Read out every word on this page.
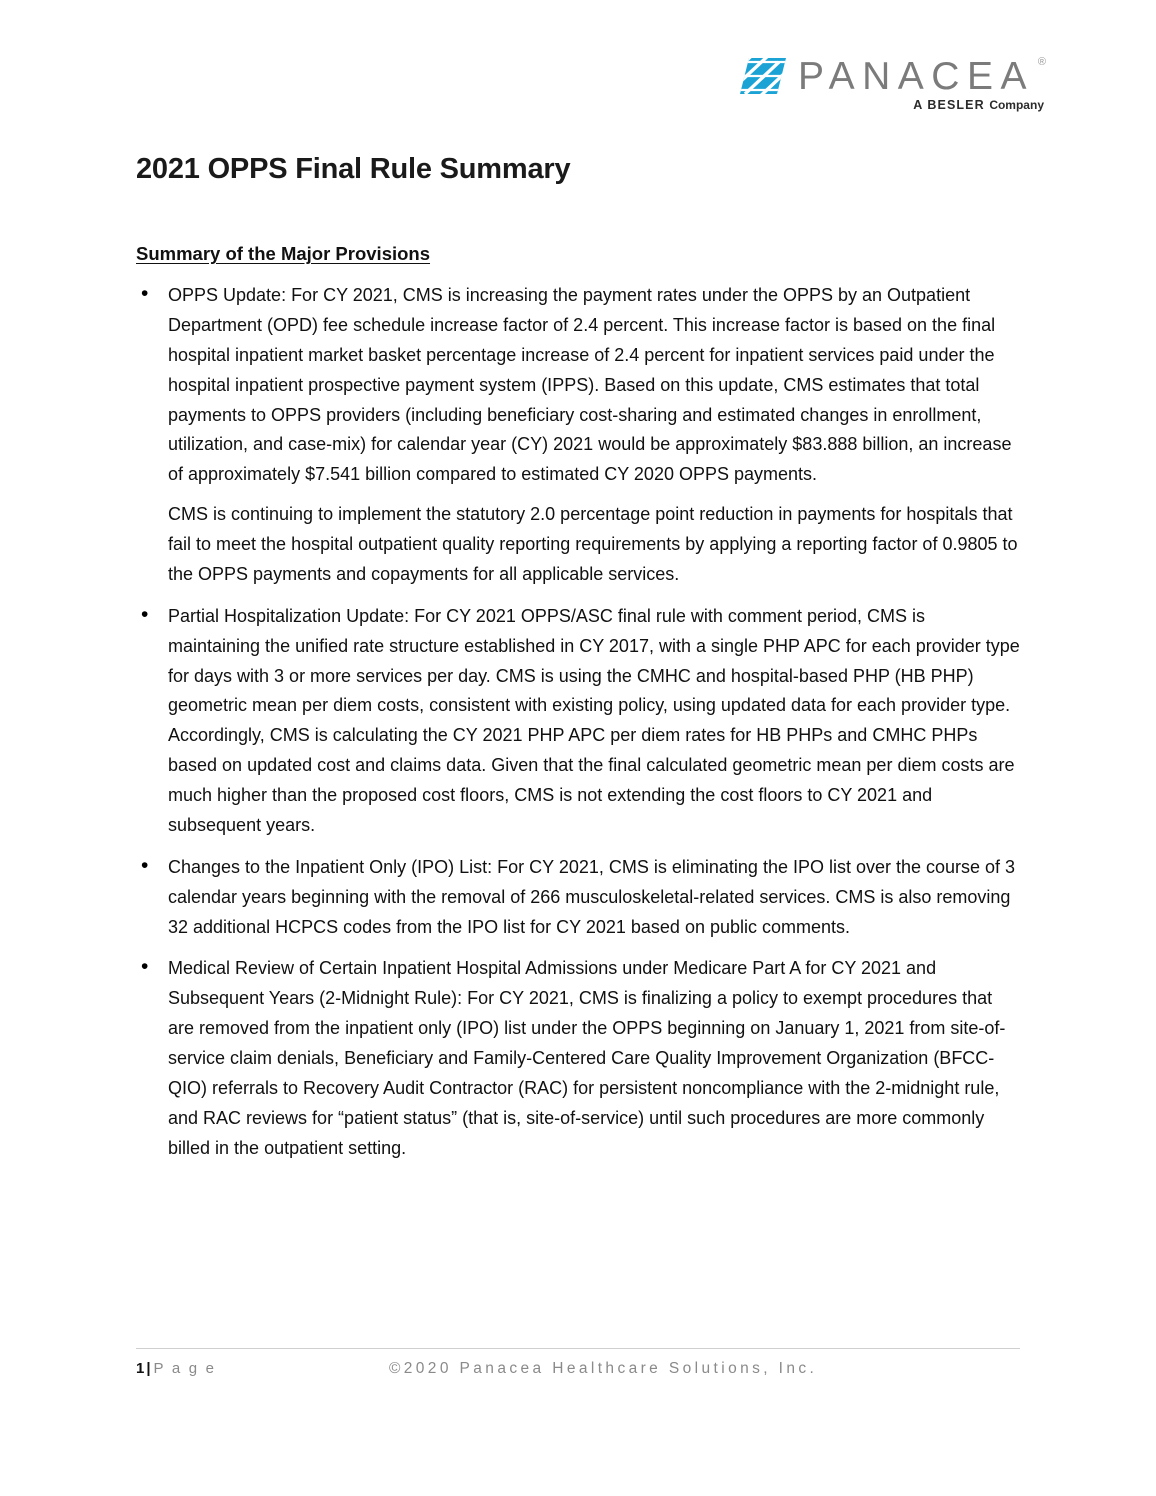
PANACEA ®
A BESLER Company
2021 OPPS Final Rule Summary
Summary of the Major Provisions

• OPPS Update: For CY 2021, CMS is increasing the payment rates under the OPPS by an Outpatient Department (OPD) fee schedule increase factor of 2.4 percent. This increase factor is based on the final hospital inpatient market basket percentage increase of 2.4 percent for inpatient services paid under the hospital inpatient prospective payment system (IPPS). Based on this update, CMS estimates that total payments to OPPS providers (including beneficiary cost-sharing and estimated changes in enrollment, utilization, and case-mix) for calendar year (CY) 2021 would be approximately $83.888 billion, an increase of approximately $7.541 billion compared to estimated CY 2020 OPPS payments.

CMS is continuing to implement the statutory 2.0 percentage point reduction in payments for hospitals that fail to meet the hospital outpatient quality reporting requirements by applying a reporting factor of 0.9805 to the OPPS payments and copayments for all applicable services.

• Partial Hospitalization Update: For CY 2021 OPPS/ASC final rule with comment period, CMS is maintaining the unified rate structure established in CY 2017, with a single PHP APC for each provider type for days with 3 or more services per day. CMS is using the CMHC and hospital-based PHP (HB PHP) geometric mean per diem costs, consistent with existing policy, using updated data for each provider type. Accordingly, CMS is calculating the CY 2021 PHP APC per diem rates for HB PHPs and CMHC PHPs based on updated cost and claims data. Given that the final calculated geometric mean per diem costs are much higher than the proposed cost floors, CMS is not extending the cost floors to CY 2021 and subsequent years.

• Changes to the Inpatient Only (IPO) List: For CY 2021, CMS is eliminating the IPO list over the course of 3 calendar years beginning with the removal of 266 musculoskeletal-related services. CMS is also removing 32 additional HCPCS codes from the IPO list for CY 2021 based on public comments.

• Medical Review of Certain Inpatient Hospital Admissions under Medicare Part A for CY 2021 and Subsequent Years (2-Midnight Rule): For CY 2021, CMS is finalizing a policy to exempt procedures that are removed from the inpatient only (IPO) list under the OPPS beginning on January 1, 2021 from site-of-service claim denials, Beneficiary and Family-Centered Care Quality Improvement Organization (BFCC-QIO) referrals to Recovery Audit Contractor (RAC) for persistent noncompliance with the 2-midnight rule, and RAC reviews for “patient status” (that is, site-of-service) until such procedures are more commonly billed in the outpatient setting.

1 | P a g e	©2020 Panacea Healthcare Solutions, Inc.
